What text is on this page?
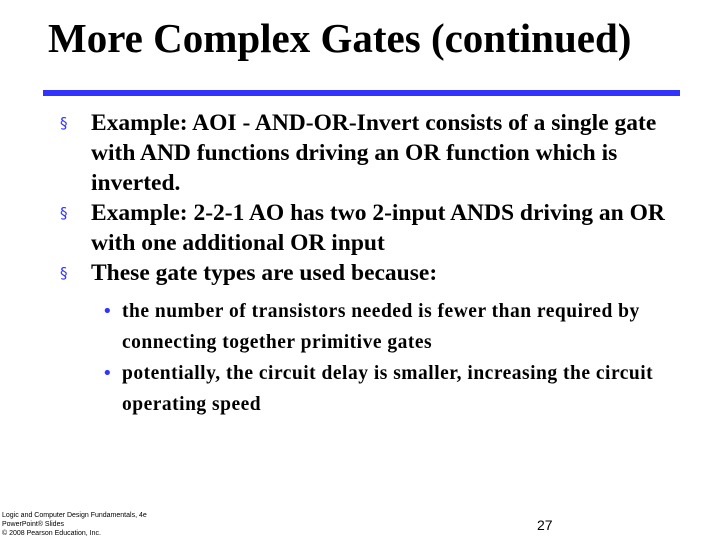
More Complex Gates (continued)
§ Example: AOI - AND-OR-Invert consists of a single gate with AND functions driving an OR function which is inverted.
§ Example: 2-2-1 AO has two 2-input ANDS driving an OR with one additional OR input
§ These gate types are used because:
• the number of transistors needed is fewer than required by connecting together primitive gates
• potentially, the circuit delay is smaller, increasing the circuit operating speed
Logic and Computer Design Fundamentals, 4e
PowerPoint® Slides
© 2008 Pearson Education, Inc.
27
